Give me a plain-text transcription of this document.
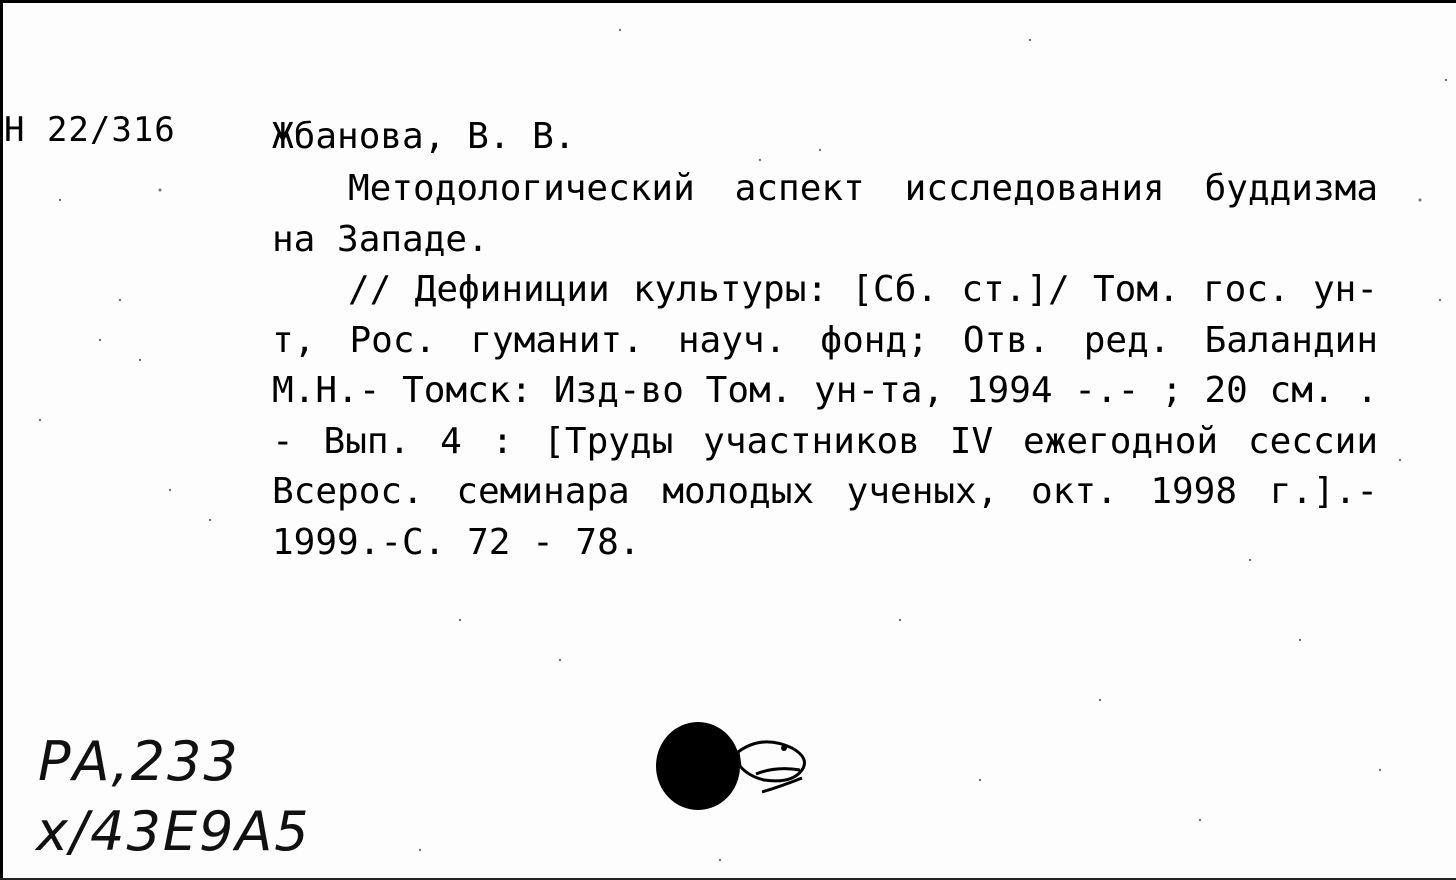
Н 22/316	Жбанова, В. В.

Методологический аспект исследования буддизма на Западе.

// Дефиниции культуры: [Сб. ст.]/ Том. гос. ун-т, Рос. гуманит. науч. фонд; Отв. ред. Баландин М.Н.- Томск: Изд-во Том. ун-та, 1994 -.- ; 20 см. . - Вып. 4 : [Труды участников IV ежегодной сессии Всерос. семинара молодых ученых, окт. 1998 г.].- 1999.-С. 72 - 78.

РА,233
х/43Е9А5
